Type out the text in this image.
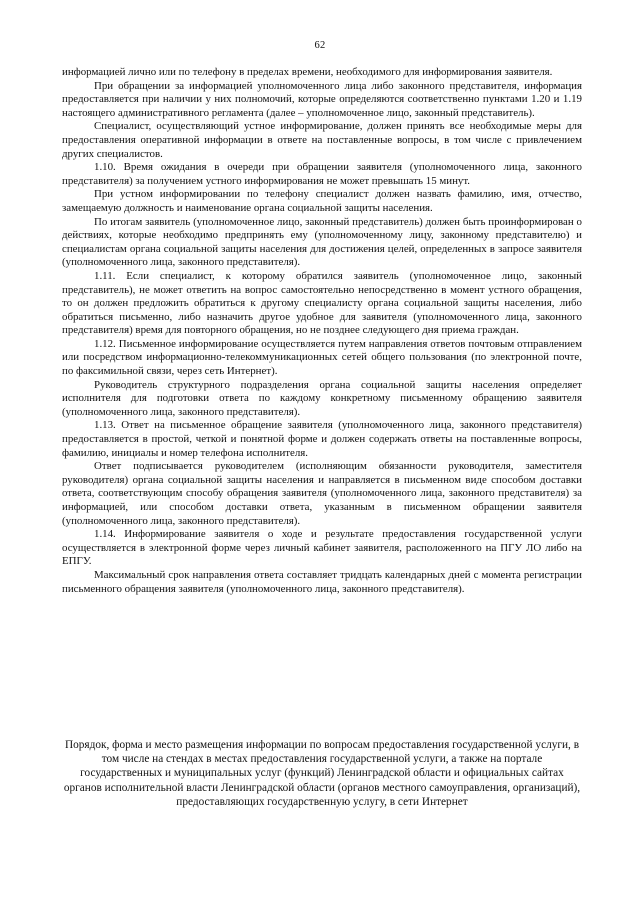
62

информацией лично или по телефону в пределах времени, необходимого для информирования заявителя.

При обращении за информацией уполномоченного лица либо законного представителя, информация предоставляется при наличии у них полномочий, которые определяются соответственно пунктами 1.20 и 1.19 настоящего административного регламента (далее – уполномоченное лицо, законный представитель).

Специалист, осуществляющий устное информирование, должен принять все необходимые меры для предоставления оперативной информации в ответе на поставленные вопросы, в том числе с привлечением других специалистов.

1.10. Время ожидания в очереди при обращении заявителя (уполномоченного лица, законного представителя) за получением устного информирования не может превышать 15 минут.

При устном информировании по телефону специалист должен назвать фамилию, имя, отчество, замещаемую должность и наименование органа социальной защиты населения.

По итогам заявитель (уполномоченное лицо, законный представитель) должен быть проинформирован о действиях, которые необходимо предпринять ему (уполномоченному лицу, законному представителю) и специалистам органа социальной защиты населения для достижения целей, определенных в запросе заявителя (уполномоченного лица, законного представителя).

1.11. Если специалист, к которому обратился заявитель (уполномоченное лицо, законный представитель), не может ответить на вопрос самостоятельно непосредственно в момент устного обращения, то он должен предложить обратиться к другому специалисту органа социальной защиты населения, либо обратиться письменно, либо назначить другое удобное для заявителя (уполномоченного лица, законного представителя) время для повторного обращения, но не позднее следующего дня приема граждан.

1.12. Письменное информирование осуществляется путем направления ответов почтовым отправлением или посредством информационно-телекоммуникационных сетей общего пользования (по электронной почте, по факсимильной связи, через сеть Интернет).

Руководитель структурного подразделения органа социальной защиты населения определяет исполнителя для подготовки ответа по каждому конкретному письменному обращению заявителя (уполномоченного лица, законного представителя).

1.13. Ответ на письменное обращение заявителя (уполномоченного лица, законного представителя) предоставляется в простой, четкой и понятной форме и должен содержать ответы на поставленные вопросы, фамилию, инициалы и номер телефона исполнителя.

Ответ подписывается руководителем (исполняющим обязанности руководителя, заместителя руководителя) органа социальной защиты населения и направляется в письменном виде способом доставки ответа, соответствующим способу обращения заявителя (уполномоченного лица, законного представителя) за информацией, или способом доставки ответа, указанным в письменном обращении заявителя (уполномоченного лица, законного представителя).

1.14. Информирование заявителя о ходе и результате предоставления государственной услуги осуществляется в электронной форме через личный кабинет заявителя, расположенного на ПГУ ЛО либо на ЕПГУ.

Максимальный срок направления ответа составляет тридцать календарных дней с момента регистрации письменного обращения заявителя (уполномоченного лица, законного представителя).

Порядок, форма и место размещения информации по вопросам предоставления государственной услуги, в том числе на стендах в местах предоставления государственной услуги, а также на портале государственных и муниципальных услуг (функций) Ленинградской области и официальных сайтах органов исполнительной власти Ленинградской области (органов местного самоуправления, организаций), предоставляющих государственную услугу, в сети Интернет
